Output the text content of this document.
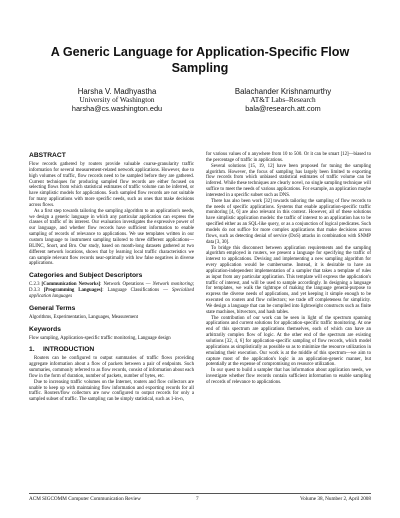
A Generic Language for Application-Specific Flow Sampling
Harsha V. Madhyastha
University of Washington
harsha@cs.washington.edu
Balachander Krishnamurthy
AT&T Labs–Research
bala@research.att.com
ABSTRACT

Flow records gathered by routers provide valuable coarse-granularity traffic information for several measurement-related network applications. However, due to high volumes of traffic, flow records need to be sampled before they are gathered. Current techniques for producing sampled flow records are either focused on selecting flows from which statistical estimates of traffic volume can be inferred, or have simplistic models for applications. Such sampled flow records are not suitable for many applications with more specific needs, such as ones that make decisions across flows.

As a first step towards tailoring the sampling algorithm to an application's needs, we design a generic language in which any particular application can express the classes of traffic of its interest. Our evaluation investigates the expressive power of our language, and whether flow records have sufficient information to enable sampling of records of relevance to applications. We use templates written in our custom language to instrument sampling tailored to three different applications—BLINC, Snort, and Bro. Our study, based on month-long datasets gathered at two different network locations, shows that by learning local traffic characteristics we can sample relevant flow records near-optimally with low false negatives in diverse applications.

Categories and Subject Descriptors

C.2.3 [Communication Networks]: Network Operations — Network monitoring; D.3.3 [Programming Languages]: Language Classifications — Specialized application languages

General Terms

Algorithms, Experimentation, Languages, Measurement

Keywords

Flow sampling, Application-specific traffic monitoring, Language design

1. INTRODUCTION

Routers can be configured to output summaries of traffic flows providing aggregate information about a flow of packets between a pair of endpoints. Such summaries, commonly referred to as flow records, consist of information about each flow in the form of duration, number of packets, number of bytes, etc.

Due to increasing traffic volumes on the Internet, routers and flow collectors are unable to keep up with maintaining flow information and exporting records for all traffic. Routers/flow collectors are now configured to output records for only a sampled subset of traffic. The sampling can be simply statistical, such as 1-in-n,

for various values of n anywhere from 10 to 500. Or it can be smart [12]—biased to the percentage of traffic in applications.

Several solutions [15, 19, 12] have been proposed for tuning the sampling algorithm. However, the focus of sampling has largely been limited to exporting flow records from which unbiased statistical estimates of traffic volume can be inferred. While these techniques are clearly novel, no single sampling technique will suffice to meet the needs of various applications. For example, an application maybe interested in a specific subset such as DNS.

There has also been work [32] towards tailoring the sampling of flow records to the needs of specific applications. Systems that enable application-specific traffic monitoring [4, 6] are also relevant in this context. However, all of these solutions have simplistic application models: the traffic of interest to an application has to be specified either as an SQL-like query, or as a conjunction of logical predicates. Such models do not suffice for more complex applications that make decisions across flows, such as detecting denial of service (DoS) attacks in combination with SNMP data [3, 30].

To bridge this disconnect between application requirements and the sampling algorithm employed in routers, we present a language for specifying the traffic of interest to applications. Devising and implementing a new sampling algorithm for every application would be cumbersome. Instead, it is desirable to have an application-independent implementation of a sampler that takes a template of rules as input from any particular application. This template will express the application's traffic of interest, and will be used to sample accordingly. In designing a language for templates, we walk the tightrope of making the language general-purpose to express the diverse needs of applications, and yet keeping it simple enough to be executed on routers and flow collectors; we trade off completeness for simplicity. We design a language that can be compiled into lightweight constructs such as finite state machines, bitvectors, and hash tables.

The contribution of our work can be seen in light of the spectrum spanning applications and current solutions for application-specific traffic monitoring. At one end of this spectrum are applications themselves, each of which can have an arbitrarily complex flow of logic. At the other end of the spectrum are existing solutions [32, 4, 6] for application-specific sampling of flow records, which model applications as simplistically as possible so as to minimize the resource utilization in emulating their execution. Our work is at the middle of this spectrum—we aim to capture most of the application's logic in an application-generic manner, but potentially at the expense of compromising on resource utilization.

In our quest to build a sampler that has information about application needs, we investigate whether flow records contain sufficient information to enable sampling of records of relevance to applications.

ACM SIGCOMM Computer Communication Review	7	Volume 38, Number 2, April 2008
